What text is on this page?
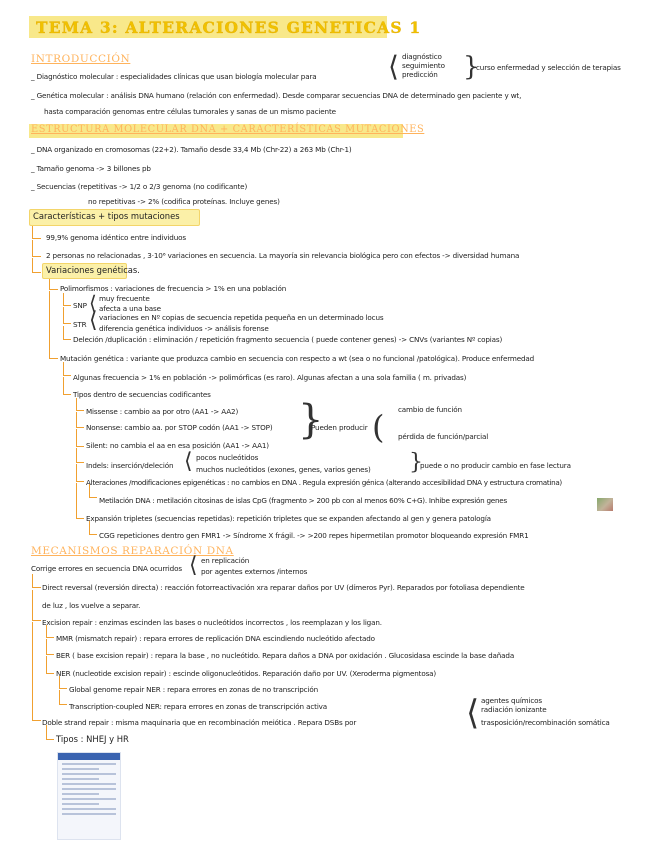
TEMA 3: ALTERACIONES GENETICAS 1
INTRODUCCIÓN
_ Diagnóstico molecular : especialidades clínicas que usan biología molecular para	⟨ diagnóstico
seguimiento
predicción }
curso enfermedad y selección de terapias
_ Genética molecular : análisis DNA humano (relación con enfermedad). Desde comparar secuencias DNA de determinado gen paciente y wt,
hasta comparación genomas entre células tumorales y sanas de un mismo paciente
ESTRUCTURA MOLECULAR DNA + CARACTERÍSTICAS MUTACIONES
_ DNA organizado en cromosomas (22+2). Tamaño desde 33,4 Mb (Chr-22) a 263 Mb (Chr-1)
_ Tamaño genoma -> 3 billones pb
_ Secuencias (repetitivas -> 1/2 o 2/3 genoma (no codificante)
no repetitivas -> 2% (codifica proteínas. Incluye genes)
Características + tipos mutaciones
99,9% genoma idéntico entre individuos
2 personas no relacionadas , 3·10⁶ variaciones en secuencia. La mayoría sin relevancia biológica pero con efectos -> diversidad humana
Variaciones genéticas.
Polimorfismos : variaciones de frecuencia > 1% en una población
SNP ⟨ muy frecuente
afecta a una base
STR ⟨ variaciones en Nº copias de secuencia repetida pequeña en un determinado locus
diferencia genética individuos -> análisis forense
Deleción /duplicación : eliminación / repetición fragmento secuencia ( puede contener genes) -> CNVs (variantes Nº copias)
Mutación genética : variante que produzca cambio en secuencia con respecto a wt (sea o no funcional /patológica). Produce enfermedad
Algunas frecuencia > 1% en población -> polimórficas (es raro). Algunas afectan a una sola familia ( m. privadas)
Tipos dentro de secuencias codificantes
Missense : cambio aa por otro (AA1 -> AA2)
Nonsense: cambio aa. por STOP codón (AA1 -> STOP)
Silent: no cambia el aa en esa posición (AA1 -> AA1)
}
Pueden producir ( cambio de función
pérdida de función/parcial
Indels: inserción/deleción ⟨ pocos nucleótidos
muchos nucleótidos (exones, genes, varios genes) }
puede o no producir cambio en fase lectura
Alteraciones /modificaciones epigenéticas : no cambios en DNA . Regula expresión génica (alterando accesibilidad DNA y estructura cromatina)
Metilación DNA : metilación citosinas de islas CpG (fragmento > 200 pb con al menos 60% C+G). Inhibe expresión genes
Expansión tripletes (secuencias repetidas): repetición tripletes que se expanden afectando al gen y genera patología
CGG repeticiones dentro gen FMR1 -> Síndrome X frágil. -> >200 repes hipermetilan promotor bloqueando expresión FMR1
MECANISMOS REPARACIÓN DNA
Corrige errores en secuencia DNA ocurridos ⟨ en replicación
por agentes externos /internos
Direct reversal (reversión directa) : reacción fotorreactivación xra reparar daños por UV (dímeros Pyr). Reparados por fotoliasa dependiente
de luz , los vuelve a separar.
Excision repair : enzimas escinden las bases o nucleótidos incorrectos , los reemplazan y los ligan.
MMR (mismatch repair) : repara errores de replicación DNA escindiendo nucleótido afectado
BER ( base excision repair) : repara la base , no nucleótido. Repara daños a DNA por oxidación . Glucosidasa escinde la base dañada
NER (nucleotide excision repair) : escinde oligonucleótidos. Reparación daño por UV. (Xeroderma pigmentosa)
Global genome repair NER : repara errores en zonas de no transcripción
Transcription-coupled NER: repara errores en zonas de transcripción activa
Doble strand repair : misma maquinaria que en recombinación meiótica . Repara DSBs por	⟨ agentes químicos
radiación ionizante
trasposición/recombinación somática
Tipos : NHEJ y HR
